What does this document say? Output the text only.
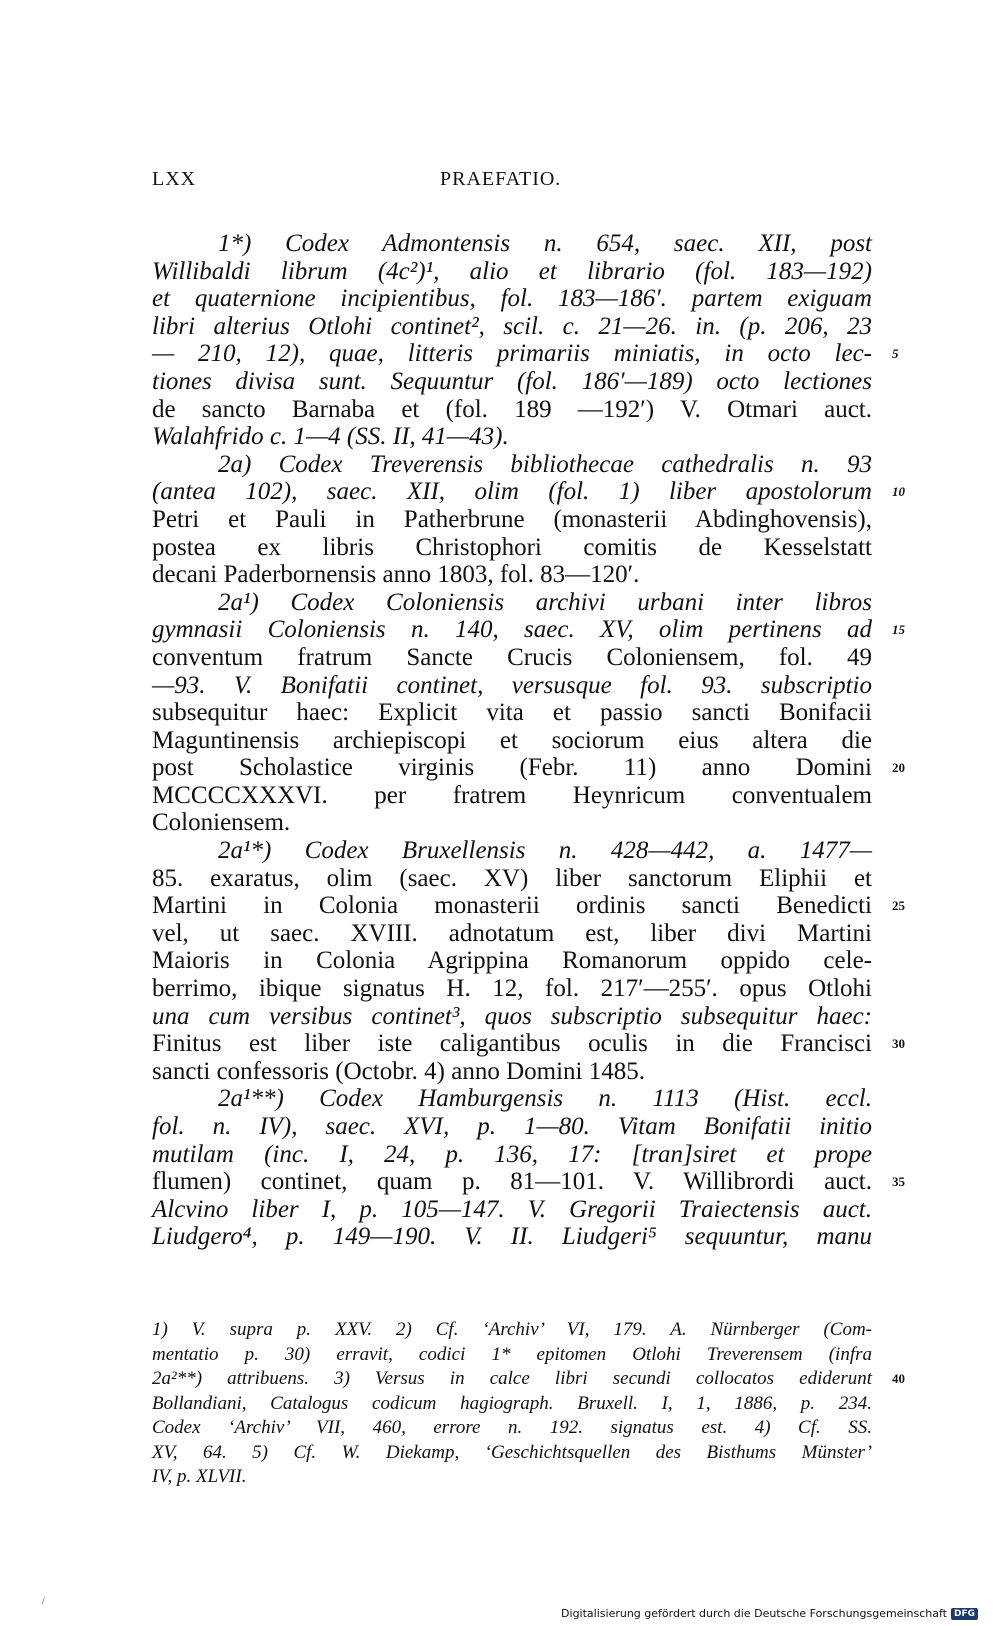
LXX	PRAEFATIO.
1*) Codex Admontensis n. 654, saec. XII, post
Willibaldi librum (4c²)¹, alio et librario (fol. 183—192)
et quaternione incipientibus, fol. 183—186′. partem exiguam
libri alterius Otlohi continet², scil. c. 21—26. in. (p. 206, 23
— 210, 12), quae, litteris primariis miniatis, in octo lec- 5
tiones divisa sunt. Sequuntur (fol. 186′—189) octo lectiones
de sancto Barnaba et (fol. 189 —192′) V. Otmari auct.
Walahfrido c. 1—4 (SS. II, 41—43).
2a) Codex Treverensis bibliothecae cathedralis n. 93
(antea 102), saec. XII, olim (fol. 1) liber apostolorum 10
Petri et Pauli in Patherbrune (monasterii Abdinghovensis),
postea ex libris Christophori comitis de Kesselstatt
decani Paderbornensis anno 1803, fol. 83—120′.
2a¹) Codex Coloniensis archivi urbani inter libros
gymnasii Coloniensis n. 140, saec. XV, olim pertinens ad 15
conventum fratrum Sancte Crucis Coloniensem, fol. 49
—93. V. Bonifatii continet, versusque fol. 93. subscriptio
subsequitur haec: Explicit vita et passio sancti Bonifacii
Maguntinensis archiepiscopi et sociorum eius altera die
post Scholastice virginis (Febr. 11) anno Domini 20
MCCCCXXXVI. per fratrem Heynricum conventualem
Coloniensem.
2a¹*) Codex Bruxellensis n. 428—442, a. 1477—
85. exaratus, olim (saec. XV) liber sanctorum Eliphii et
Martini in Colonia monasterii ordinis sancti Benedicti 25
vel, ut saec. XVIII. adnotatum est, liber divi Martini
Maioris in Colonia Agrippina Romanorum oppido cele-
berrimo, ibique signatus H. 12, fol. 217′—255′. opus Otlohi
una cum versibus continet³, quos subscriptio subsequitur haec:
Finitus est liber iste caligantibus oculis in die Francisci 30
sancti confessoris (Octobr. 4) anno Domini 1485.
2a¹**) Codex Hamburgensis n. 1113 (Hist. eccl.
fol. n. IV), saec. XVI, p. 1—80. Vitam Bonifatii initio
mutilam (inc. I, 24, p. 136, 17: [tran]siret et prope
flumen) continet, quam p. 81—101. V. Willibrordi auct. 35
Alcvino liber I, p. 105—147. V. Gregorii Traiectensis auct.
Liudgero⁴, p. 149—190. V. II. Liudgeri⁵ sequuntur, manu
1) V. supra p. XXV. 2) Cf. ‘Archiv’ VI, 179. A. Nürnberger (Com-
mentatio p. 30) erravit, codici 1* epitomen Otlohi Treverensem (infra
2a²**) attribuens. 3) Versus in calce libri secundi collocatos ediderunt 40
Bollandiani, Catalogus codicum hagiograph. Bruxell. I, 1, 1886, p. 234.
Codex ‘Archiv’ VII, 460, errore n. 192. signatus est. 4) Cf. SS.
XV, 64. 5) Cf. W. Diekamp, ‘Geschichtsquellen des Bisthums Münster’
IV, p. XLVII.
Digitalisierung gefördert durch die Deutsche Forschungsgemeinschaft DFG
/
